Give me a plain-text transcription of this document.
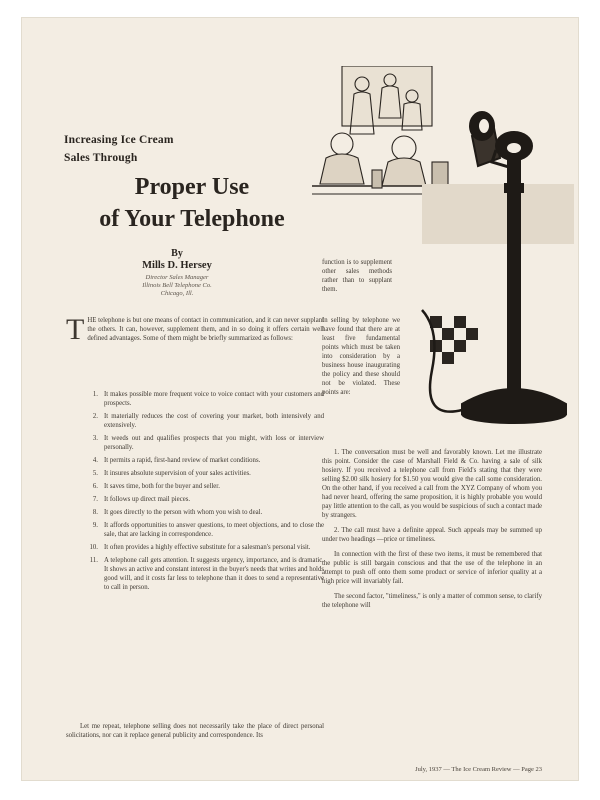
Increasing Ice Cream
Sales Through
Proper Use
of Your Telephone
By
Mills D. Hersey
Director Sales Manager
Illinois Bell Telephone Co.
Chicago, Ill.
THE telephone is but one means of contact in communication, and it can never supplant the others. It can, however, supplement them, and in so doing it offers certain well defined advantages. Some of them might be briefly summarized as follows:
1. It makes possible more frequent voice to voice contact with your customers and prospects.
2. It materially reduces the cost of covering your market, both intensively and extensively.
3. It weeds out and qualifies prospects that you might, with loss or interview personally.
4. It permits a rapid, first-hand review of market conditions.
5. It insures absolute supervision of your sales activities.
6. It saves time, both for the buyer and seller.
7. It follows up direct mail pieces.
8. It goes directly to the person with whom you wish to deal.
9. It affords opportunities to answer questions, to meet objections, and to close the sale, that are lacking in correspondence.
10. It often provides a highly effective substitute for a salesman's personal visit.
11. A telephone call gets attention. It suggests urgency, importance, and is dramatic. It shows an active and constant interest in the buyer's needs that writes and holds good will, and it costs far less to telephone than it does to send a representative to call in person.
Let me repeat, telephone selling does not necessarily take the place of direct personal solicitations, nor can it replace general publicity and correspondence. Its
function is to supplement other sales methods rather than to supplant them.
In selling by telephone we have found that there are at least five fundamental points which must be taken into consideration by a business house inaugurating the policy and these should not be violated. These points are:

1. The conversation must be well and favorably known. Let me illustrate this point. Consider the case of Marshall Field & Co. having a sale of silk hosiery. If you received a telephone call from Field's stating that they were selling $2.00 silk hosiery for $1.50 you would give the call some consideration. On the other hand, if you received a call from the XYZ Company of whom you had never heard, offering the same proposition, it is highly probable you would pay little attention to the call, as you would be suspicious of such a contact made by strangers.

2. The call must have a definite appeal. Such appeals may be summed up under two headings —price or timeliness.

In connection with the first of these two items, it must be remembered that the public is still bargain conscious and that the use of the telephone in an attempt to push off onto them some product or service of inferior quality at a high price will invariably fail.

The second factor, "timeliness," is only a matter of common sense, to clarify the telephone will

July, 1937 — The Ice Cream Review — Page 23
